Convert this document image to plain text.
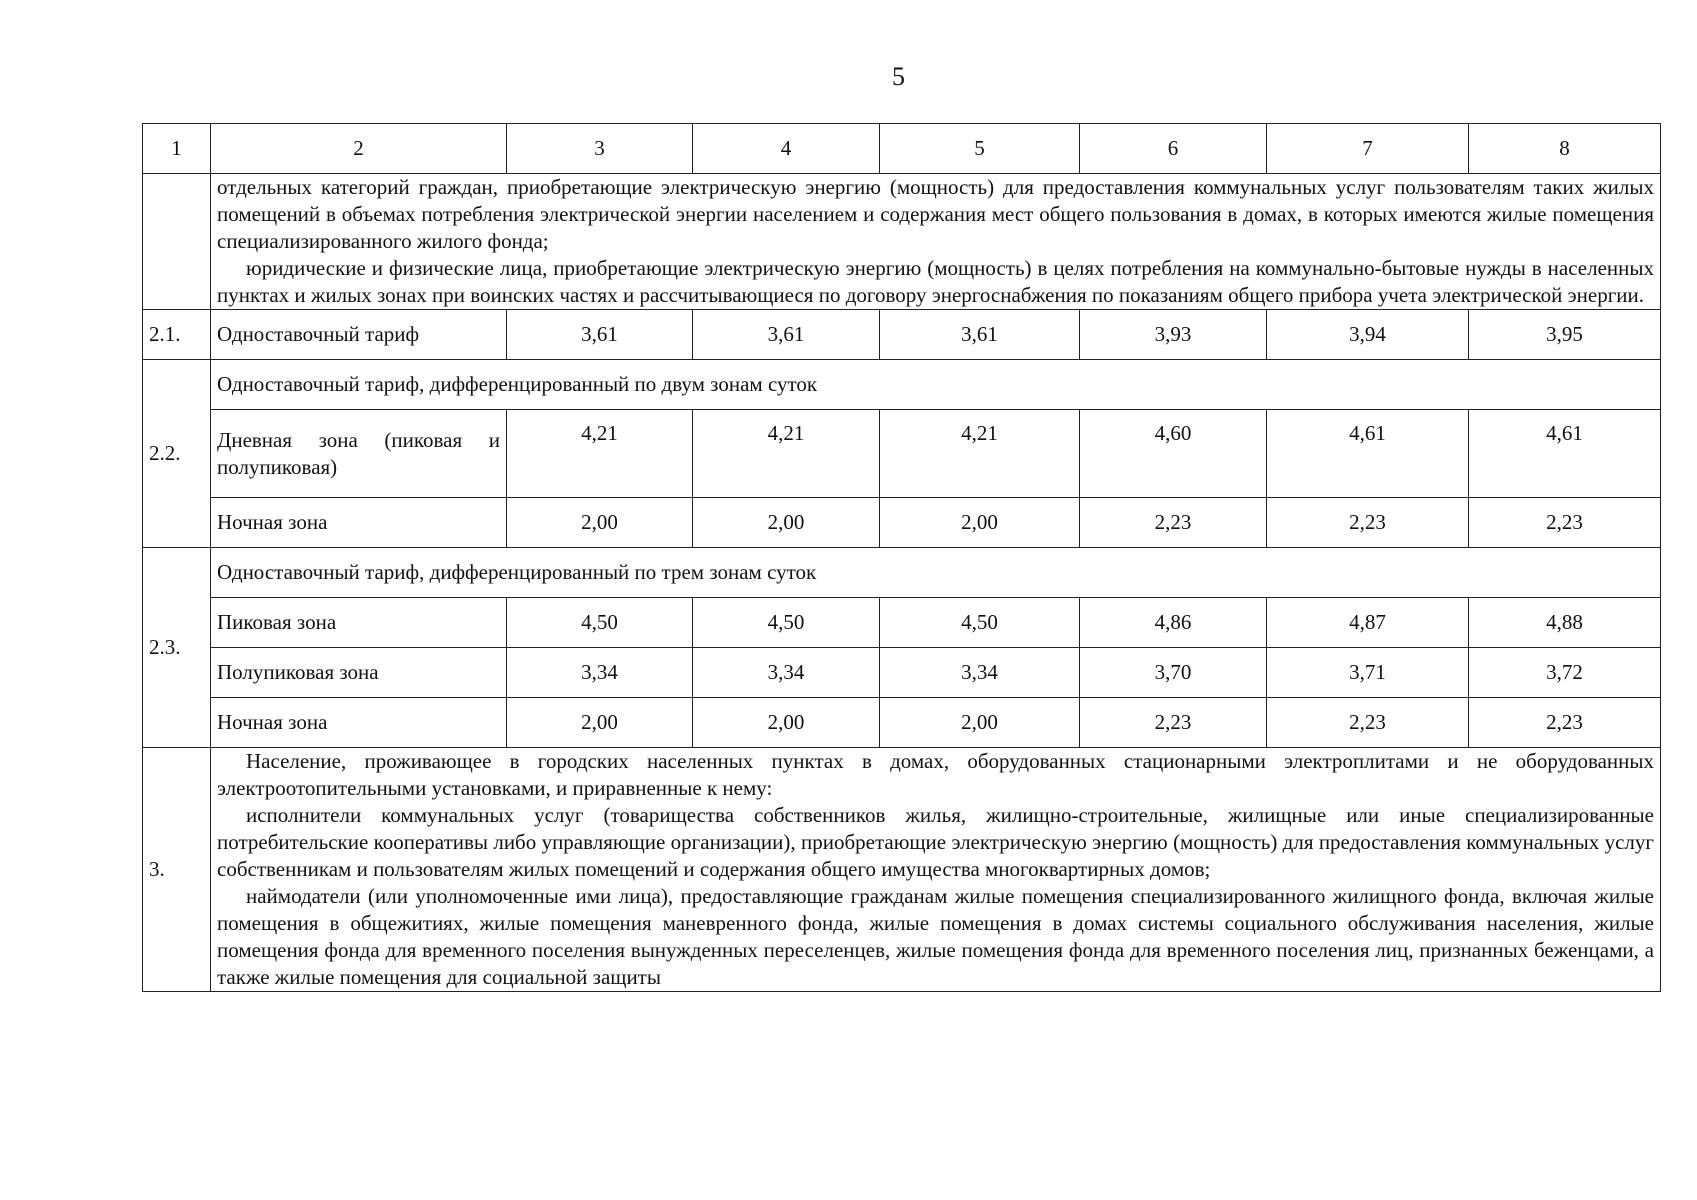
5
1	2	3	4	5	6	7	8

	отдельных категорий граждан, приобретающие электрическую энергию (мощность) для предоставления коммунальных услуг пользователям таких жилых помещений в объемах потребления электрической энергии населением и содержания мест общего пользования в домах, в которых имеются жилые помещения специализированного жилого фонда;

юридические и физические лица, приобретающие электрическую энергию (мощность) в целях потребления на коммунально-бытовые нужды в населенных пунктах и жилых зонах при воинских частях и рассчитывающиеся по договору энергоснабжения по показаниям общего прибора учета электрической энергии.						

2.1.	Одноставочный тариф	3,61	3,61	3,61	3,93	3,94	3,95
2.2.	Одноставочный тариф, дифференцированный по двум зонам суток						
	Дневная зона (пиковая и полупиковая)	4,21	4,21	4,21	4,60	4,61	4,61
	Ночная зона	2,00	2,00	2,00	2,23	2,23	2,23
2.3.	Одноставочный тариф, дифференцированный по трем зонам суток						
	Пиковая зона	4,50	4,50	4,50	4,86	4,87	4,88
	Полупиковая зона	3,34	3,34	3,34	3,70	3,71	3,72
	Ночная зона	2,00	2,00	2,00	2,23	2,23	2,23
3.	Население, проживающее в городских населенных пунктах в домах, оборудованных стационарными электроплитами и не оборудованных электроотопительными установками, и приравненные к нему:

исполнители коммунальных услуг (товарищества собственников жилья, жилищно-строительные, жилищные или иные специализированные потребительские кооперативы либо управляющие организации), приобретающие электрическую энергию (мощность) для предоставления коммунальных услуг собственникам и пользователям жилых помещений и содержания общего имущества многоквартирных домов;

наймодатели (или уполномоченные ими лица), предоставляющие гражданам жилые помещения специализированного жилищного фонда, включая жилые помещения в общежитиях, жилые помещения маневренного фонда, жилые помещения в домах системы социального обслуживания населения, жилые помещения фонда для временного поселения вынужденных переселенцев, жилые помещения фонда для временного поселения лиц, признанных беженцами, а также жилые помещения для социальной защиты						
